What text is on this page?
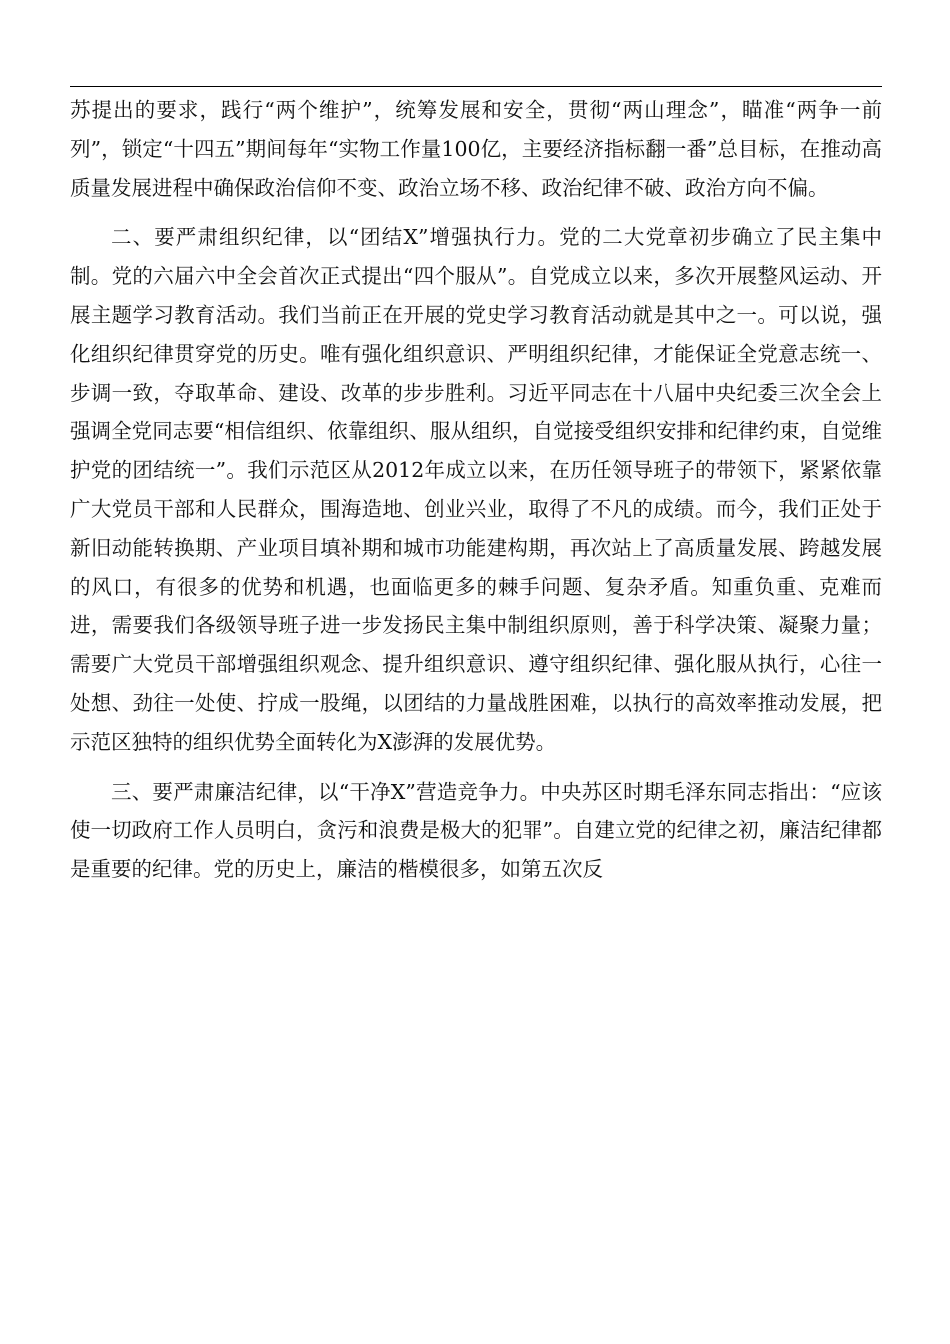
苏提出的要求，践行“两个维护”，统筹发展和安全，贯彻“两山理念”，瞄准“两争一前列”，锁定“十四五”期间每年“实物工作量100亿，主要经济指标翻一番”总目标，在推动高质量发展进程中确保政治信仰不变、政治立场不移、政治纪律不破、政治方向不偏。

二、要严肃组织纪律，以“团结X”增强执行力。党的二大党章初步确立了民主集中制。党的六届六中全会首次正式提出“四个服从”。自党成立以来，多次开展整风运动、开展主题学习教育活动。我们当前正在开展的党史学习教育活动就是其中之一。可以说，强化组织纪律贯穿党的历史。唯有强化组织意识、严明组织纪律，才能保证全党意志统一、步调一致，夺取革命、建设、改革的步步胜利。习近平同志在十八届中央纪委三次全会上强调全党同志要“相信组织、依靠组织、服从组织，自觉接受组织安排和纪律约束，自觉维护党的团结统一”。我们示范区从2012年成立以来，在历任领导班子的带领下，紧紧依靠广大党员干部和人民群众，围海造地、创业兴业，取得了不凡的成绩。而今，我们正处于新旧动能转换期、产业项目填补期和城市功能建构期，再次站上了高质量发展、跨越发展的风口，有很多的优势和机遇，也面临更多的棘手问题、复杂矛盾。知重负重、克难而进，需要我们各级领导班子进一步发扬民主集中制组织原则，善于科学决策、凝聚力量；需要广大党员干部增强组织观念、提升组织意识、遵守组织纪律、强化服从执行，心往一处想、劲往一处使、拧成一股绳，以团结的力量战胜困难，以执行的高效率推动发展，把示范区独特的组织优势全面转化为X澎湃的发展优势。

三、要严肃廉洁纪律，以“干净X”营造竞争力。中央苏区时期毛泽东同志指出：“应该使一切政府工作人员明白，贪污和浪费是极大的犯罪”。自建立党的纪律之初，廉洁纪律都是重要的纪律。党的历史上，廉洁的楷模很多，如第五次反
